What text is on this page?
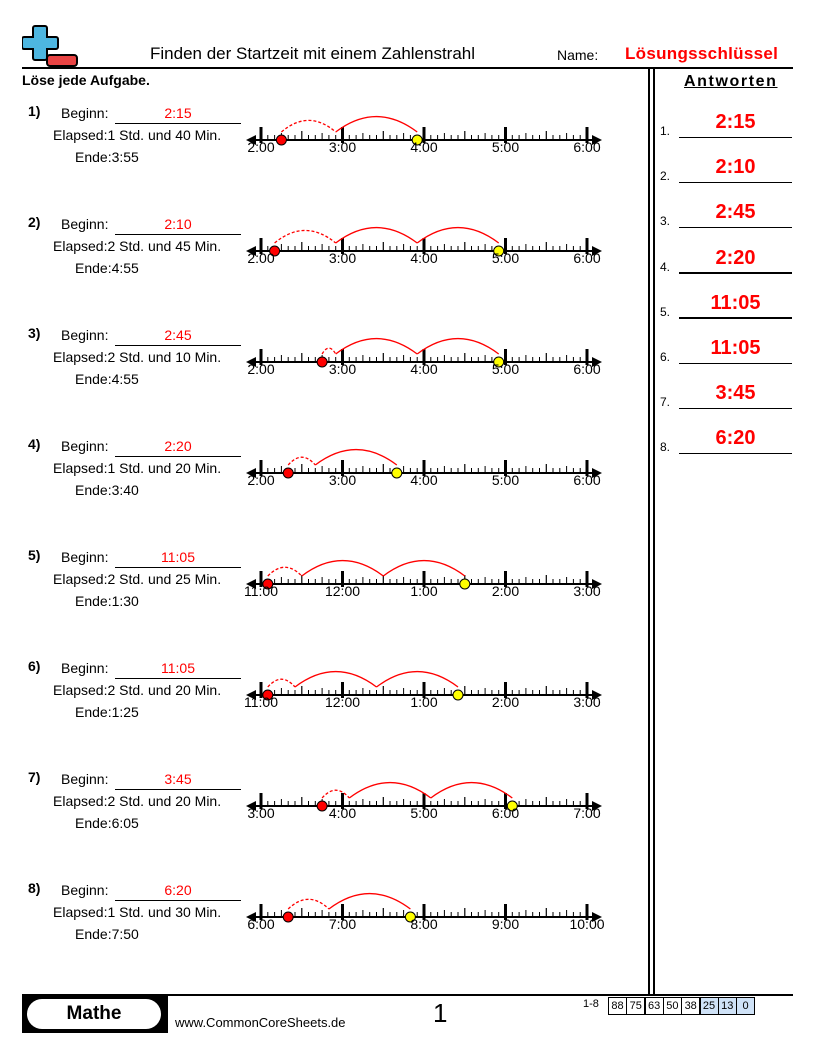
Finden der Startzeit mit einem Zahlenstrahl	Name: Lösungsschlüssel
Löse jede Aufgabe.
1) Beginn:	2:15
Elapsed:1 Std. und 40 Min.
Ende:3:55
2:00	3:00	4:00	5:00	6:00
2) Beginn:	2:10
Elapsed:2 Std. und 45 Min.
Ende:4:55
2:00	3:00	4:00	5:00	6:00
3) Beginn:	2:45
Elapsed:2 Std. und 10 Min.
Ende:4:55
2:00	3:00	4:00	5:00	6:00
4) Beginn:	2:20
Elapsed:1 Std. und 20 Min.
Ende:3:40
2:00	3:00	4:00	5:00	6:00
5) Beginn:	11:05
Elapsed:2 Std. und 25 Min.
Ende:1:30
11:00	12:00	1:00	2:00	3:00
6) Beginn:	11:05
Elapsed:2 Std. und 20 Min.
Ende:1:25
11:00	12:00	1:00	2:00	3:00
7) Beginn:	3:45
Elapsed:2 Std. und 20 Min.
Ende:6:05
3:00	4:00	5:00	6:00	7:00
8) Beginn:	6:20
Elapsed:1 Std. und 30 Min.
Ende:7:50
6:00	7:00	8:00	9:00	10:00
Antworten
1.	2:15
2.	2:10
3.	2:45
4.	2:20
5.	11:05
6.	11:05
7.	3:45
8.	6:20
Mathe	www.CommonCoreSheets.de	1	1-8	88 75 63 50 38 25 13 0
